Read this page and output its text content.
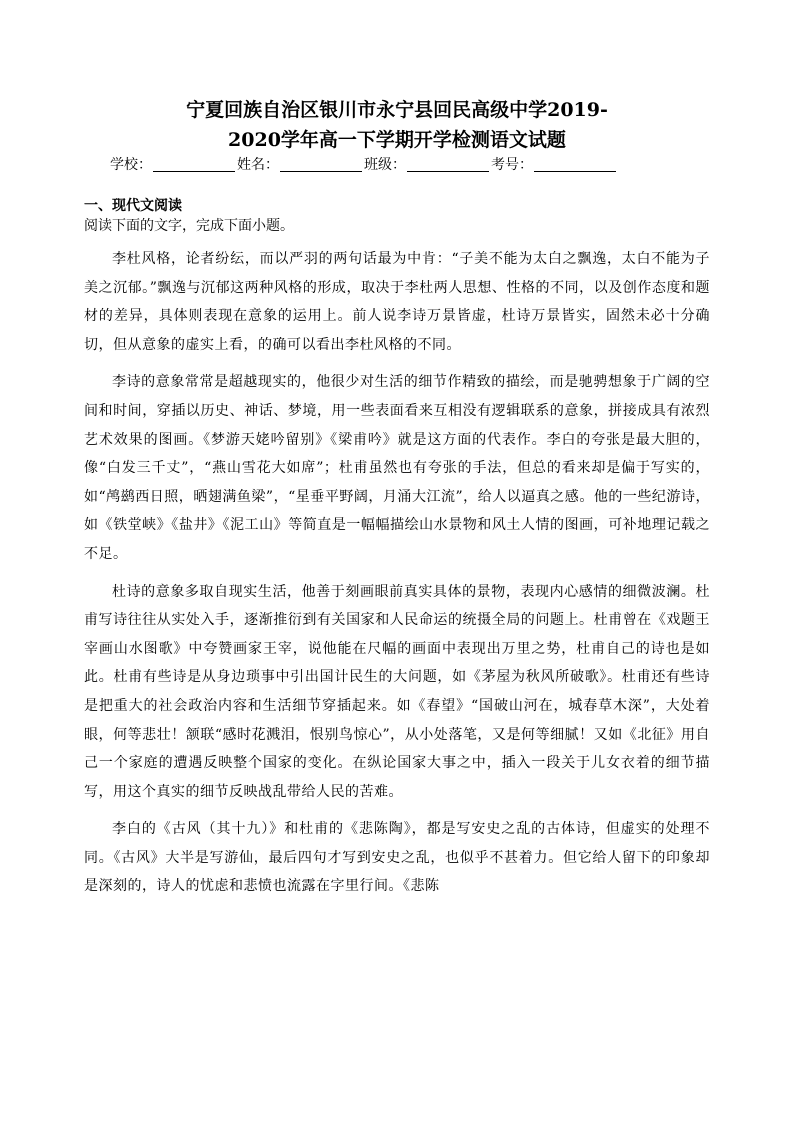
宁夏回族自治区银川市永宁县回民高级中学2019-
2020学年高一下学期开学检测语文试题
学校：	姓名：	班级：	考号：
一、现代文阅读
阅读下面的文字，完成下面小题。

李杜风格，论者纷纭，而以严羽的两句话最为中肯：“子美不能为太白之飘逸，太白不能为子美之沉郁。”飘逸与沉郁这两种风格的形成，取决于李杜两人思想、性格的不同，以及创作态度和题材的差异，具体则表现在意象的运用上。前人说李诗万景皆虚，杜诗万景皆实，固然未必十分确切，但从意象的虚实上看，的确可以看出李杜风格的不同。

李诗的意象常常是超越现实的，他很少对生活的细节作精致的描绘，而是驰骋想象于广阔的空间和时间，穿插以历史、神话、梦境，用一些表面看来互相没有逻辑联系的意象，拼接成具有浓烈艺术效果的图画。《梦游天姥吟留别》《梁甫吟》就是这方面的代表作。李白的夸张是最大胆的，像“白发三千丈”，“燕山雪花大如席”；杜甫虽然也有夸张的手法，但总的看来却是偏于写实的，如“鸬鹚西日照，晒翅满鱼梁”，“星垂平野阔，月涌大江流”，给人以逼真之感。他的一些纪游诗，如《铁堂峡》《盐井》《泥工山》等简直是一幅幅描绘山水景物和风土人情的图画，可补地理记载之不足。

杜诗的意象多取自现实生活，他善于刻画眼前真实具体的景物，表现内心感情的细微波澜。杜甫写诗往往从实处入手，逐渐推衍到有关国家和人民命运的统摄全局的问题上。杜甫曾在《戏题王宰画山水图歌》中夸赞画家王宰，说他能在尺幅的画面中表现出万里之势，杜甫自己的诗也是如此。杜甫有些诗是从身边琐事中引出国计民生的大问题，如《茅屋为秋风所破歌》。杜甫还有些诗是把重大的社会政治内容和生活细节穿插起来。如《春望》“国破山河在，城春草木深”，大处着眼，何等悲壮！颔联“感时花溅泪，恨别鸟惊心”，从小处落笔，又是何等细腻！又如《北征》用自己一个家庭的遭遇反映整个国家的变化。在纵论国家大事之中，插入一段关于儿女衣着的细节描写，用这个真实的细节反映战乱带给人民的苦难。

李白的《古风（其十九）》和杜甫的《悲陈陶》，都是写安史之乱的古体诗，但虚实的处理不同。《古风》大半是写游仙，最后四句才写到安史之乱，也似乎不甚着力。但它给人留下的印象却是深刻的，诗人的忧虑和悲愤也流露在字里行间。《悲陈
